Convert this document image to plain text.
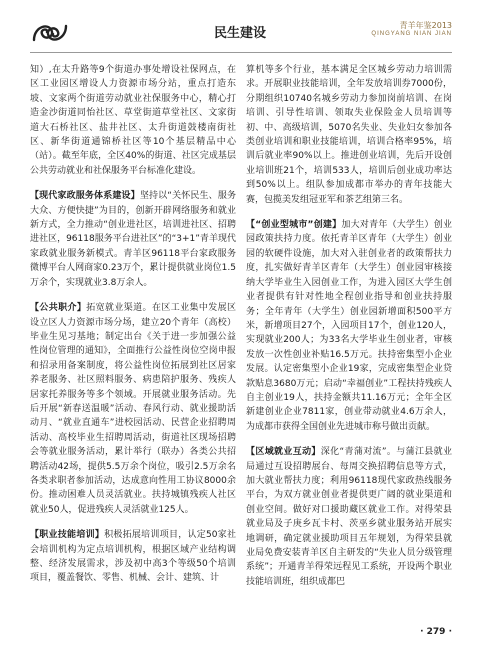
民生建设
青羊年鉴2013
QINGYANG NIAN JIAN

知）,在太升路等9个街道办事处增设社保网点，在区工业园区增设人力资源市场分站，重点打造东坡、文家两个街道劳动就业社保服务中心，精心打造金沙街道同怡社区、草堂街道草堂社区、文家街道大石桥社区、盐井社区、太升街道鼓楼南街社区、新华街道通锦桥社区等10个基层精品中心（站）。截至年底，全区40%的街道、社区完成基层公共劳动就业和社保服务平台标准化建设。

【现代家政服务体系建设】坚持以“关怀民生、服务大众、方便快捷”为目的，创新开辟网络服务和就业新方式，全力推动“创业进社区，培训进社区、招聘进社区，96118服务平台进社区”的“3+1”青羊现代家政就业服务新模式。青羊区96118平台家政服务微博平台人网商家0.23万个，累计提供就业岗位1.5万余个，实现就业3.8万余人。

【公共职介】拓宽就业渠道。在区工业集中发展区设立区人力资源市场分场，建立20个青年（高校）毕业生见习基地；制定出台《关于进一步加强公益性岗位管理的通知》，全面推行公益性岗位空岗申报和招录用备案制度，将公益性岗位拓展到社区居家养老服务、社区照料服务、病患陪护服务、残疾人居家托养服务等多个领域。开展就业服务活动。先后开展“新春送温暖”活动、春风行动、就业援助活动月、“就业直通车”进校园活动、民营企业招聘周活动、高校毕业生招聘周活动，街道社区现场招聘会等就业服务活动，累计举行（联办）各类公共招聘活动42场，提供5.5万余个岗位，吸引2.5万余名各类求职者参加活动，达成意向性用工协议8000余份。推动困难人员灵活就业。扶持城镇残疾人社区就业50人，促进残疾人灵活就业125人。

【职业技能培训】积极拓展培训项目，认定50家社会培训机构为定点培训机构，根据区域产业结构调整、经济发展需求，涉及初中高3个等级50个培训项目，覆盖餐饮、零售、机械、会计、建筑、计

算机等多个行业，基本满足全区城乡劳动力培训需求。开展职业技能培训，全年发放培训券7000份，分期组织10740名城乡劳动力参加岗前培训、在岗培训、引导性培训、领取失业保险金人员培训等初、中、高级培训，5070名失业、失业妇女参加各类创业培训和职业技能培训，培训合格率95%，培训后就业率90%以上。推进创业培训，先后开设创业培训班21个，培训533人，培训后创业成功率达到50%以上。组队参加成都市举办的青年技能大赛，包揽美发组冠亚军和茶艺组第三名。

【“创业型城市”创建】加大对青年（大学生）创业园政策扶持力度。依托青羊区青年（大学生）创业园的软硬件设施，加大对入驻创业者的政策帮扶力度，扎实做好青羊区青年（大学生）创业园审核接纳大学毕业生入园创业工作，为进入园区大学生创业者提供有针对性地全程创业指导和创业扶持服务；全年青年（大学生）创业园新增面积500平方米，新增项目27个，入园项目17个，创业120人，实现就业200人；为33名大学毕业生创业者，审核发放一次性创业补贴16.5万元。扶持密集型小企业发展。认定密集型小企业19家，完成密集型企业贷款贴息3680万元；启动“幸福创业”工程扶持残疾人自主创业19人，扶持金额共11.16万元；全年全区新建创业企业7811家，创业带动就业4.6万余人，为成都市获得全国创业先进城市称号做出贡献。

【区域就业互动】深化“青蒲对流”。与蒲江县就业局通过互设招聘展台、每周交换招聘信息等方式，加大就业帮扶力度；利用96118现代家政热线服务平台，为双方就业创业者提供更广阔的就业渠道和创业空间。做好对口援助藏区就业工作。对得荣县就业局及子庚乡瓦卡村、茨巫乡就业服务站开展实地调研，确定就业援助项目五年规划，为得荣县就业局免费安装青羊区自主研发的“失业人员分级管理系统”；开通青羊得荣远程见工系统，开设两个职业技能培训班，组织成都巴

· 279 ·
